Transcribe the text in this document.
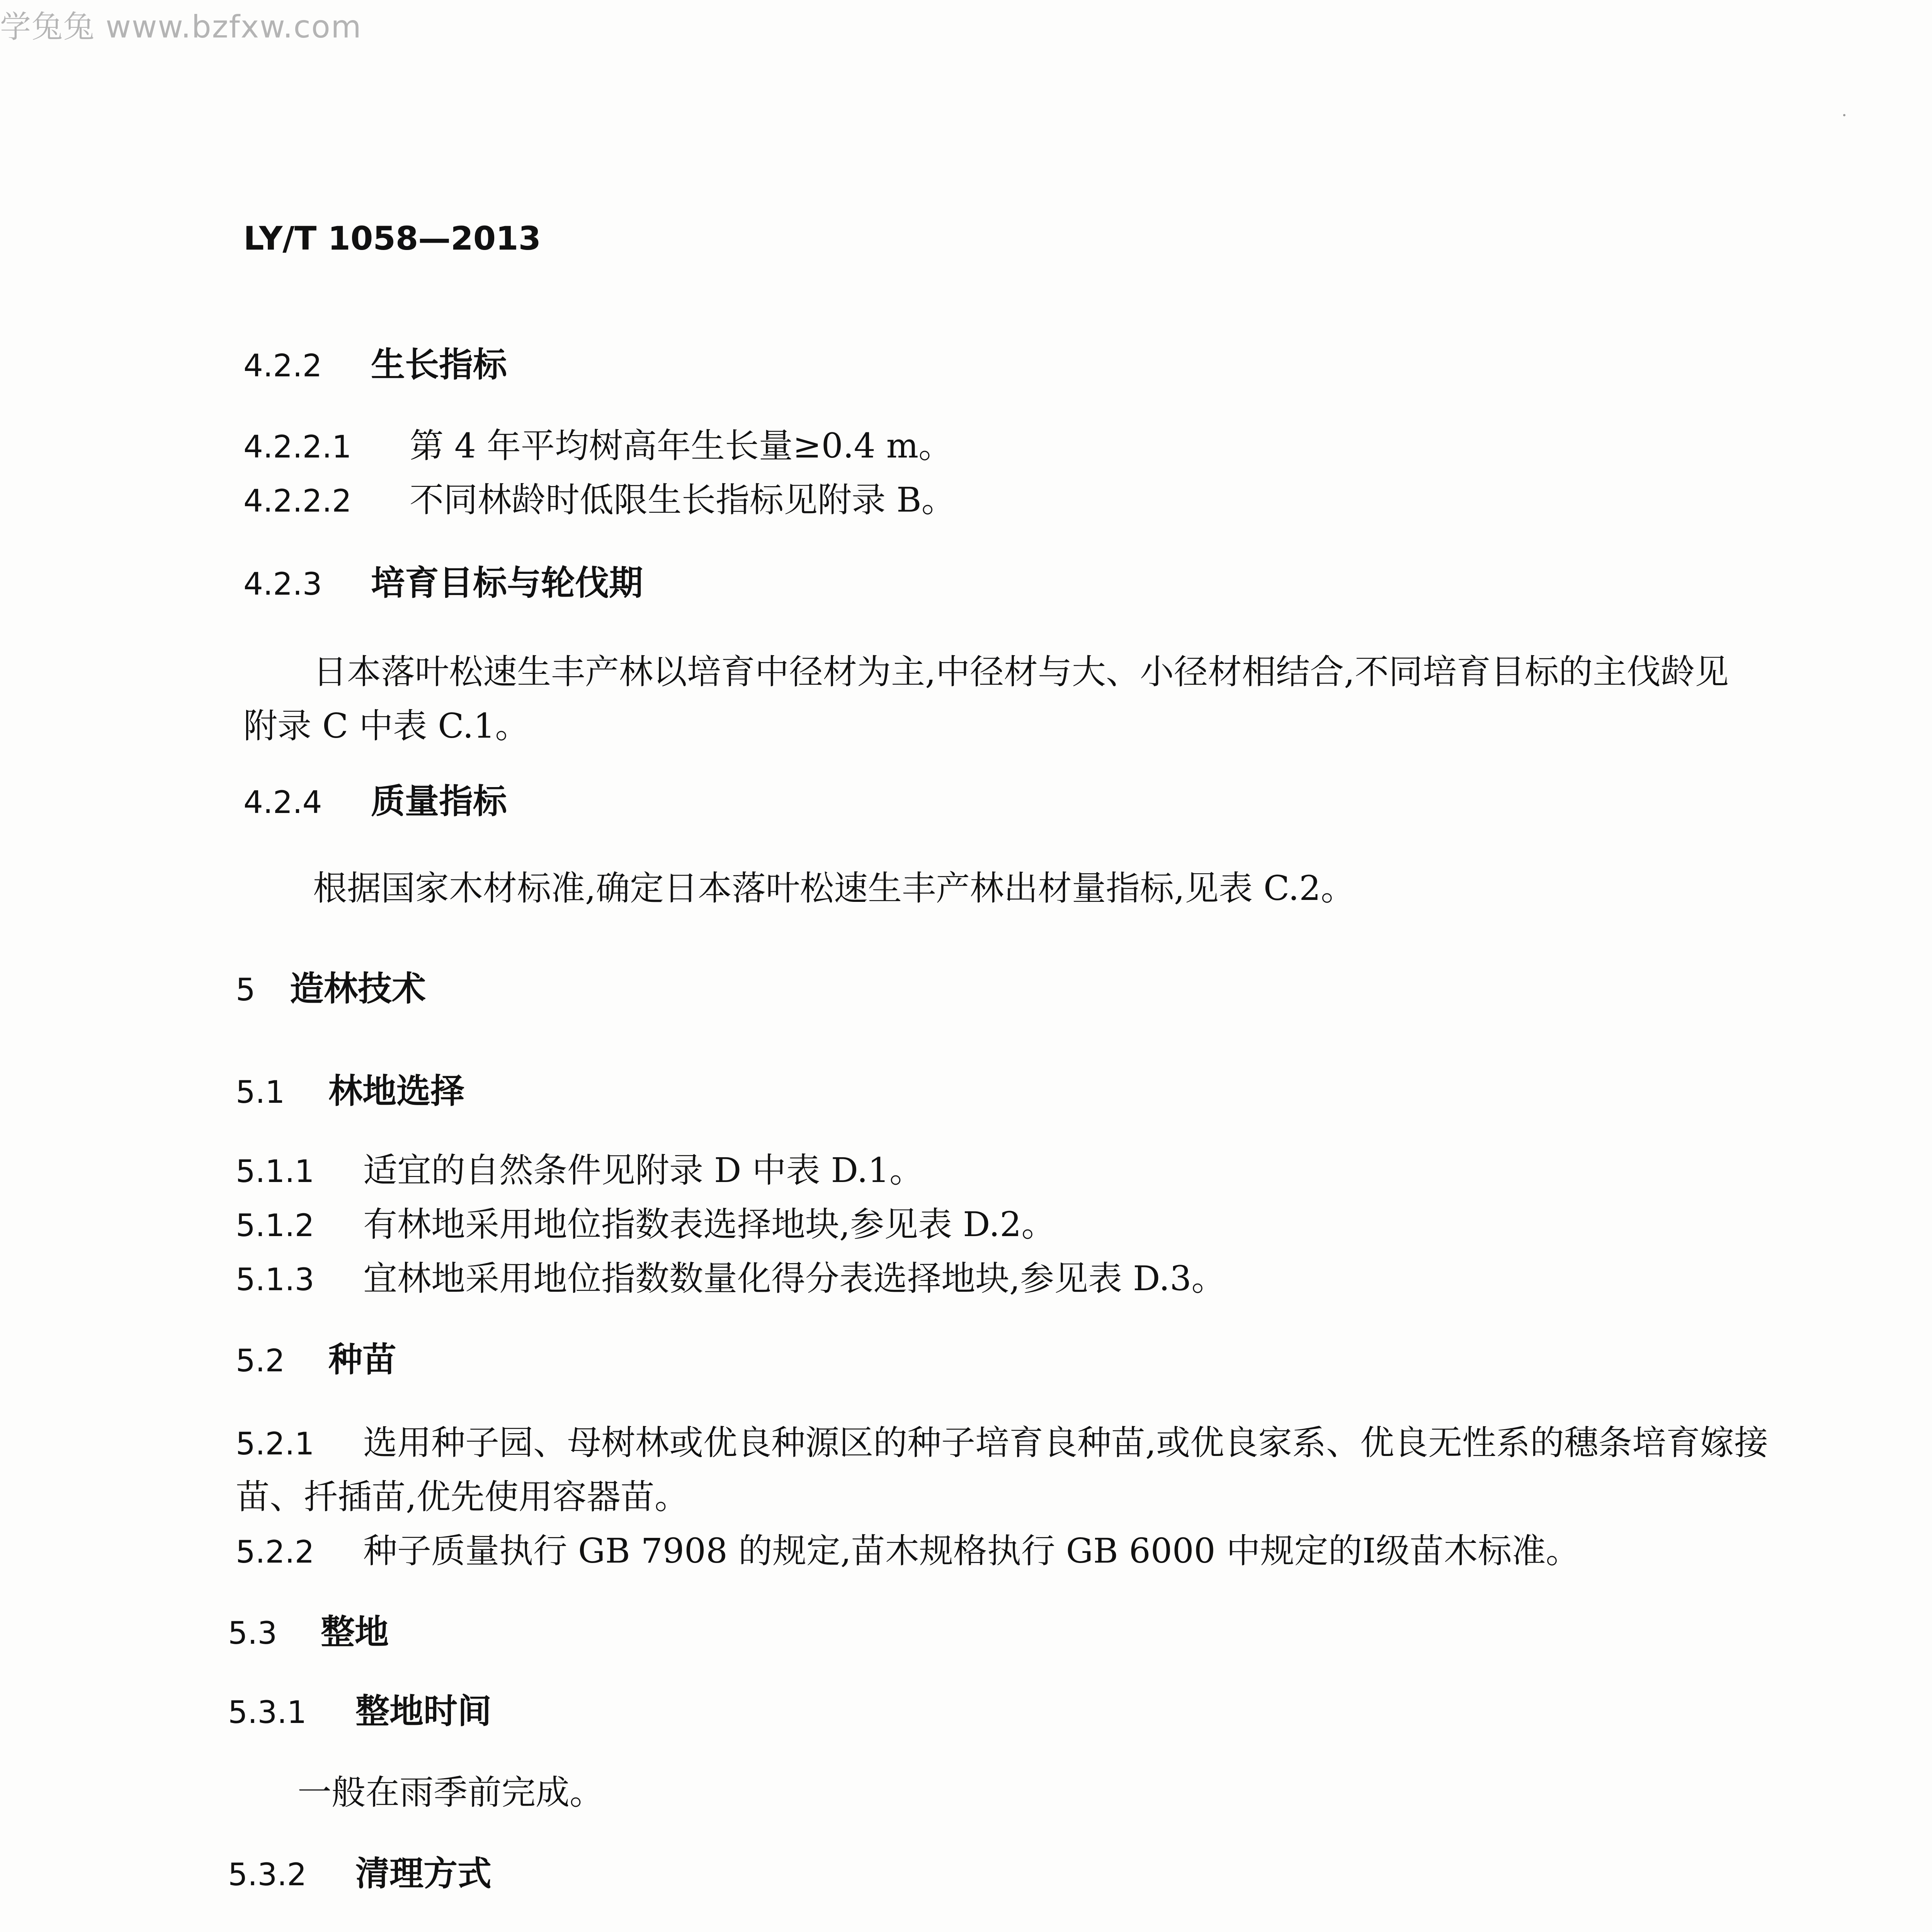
学兔兔 www.bzfxw.com
LY/T 1058—2013
4.2.2 生长指标
4.2.2.1 第 4 年平均树高年生长量≥0.4 m。
4.2.2.2 不同林龄时低限生长指标见附录 B。
4.2.3 培育目标与轮伐期
日本落叶松速生丰产林以培育中径材为主,中径材与大、小径材相结合,不同培育目标的主伐龄见
附录 C 中表 C.1。
4.2.4 质量指标
根据国家木材标准,确定日本落叶松速生丰产林出材量指标,见表 C.2。
5 造林技术
5.1 林地选择
5.1.1 适宜的自然条件见附录 D 中表 D.1。
5.1.2 有林地采用地位指数表选择地块,参见表 D.2。
5.1.3 宜林地采用地位指数数量化得分表选择地块,参见表 D.3。
5.2 种苗
5.2.1 选用种子园、母树林或优良种源区的种子培育良种苗,或优良家系、优良无性系的穗条培育嫁接
苗、扦插苗,优先使用容器苗。
5.2.2 种子质量执行 GB 7908 的规定,苗木规格执行 GB 6000 中规定的Ⅰ级苗木标准。
5.3 整地
5.3.1 整地时间
一般在雨季前完成。
5.3.2 清理方式
